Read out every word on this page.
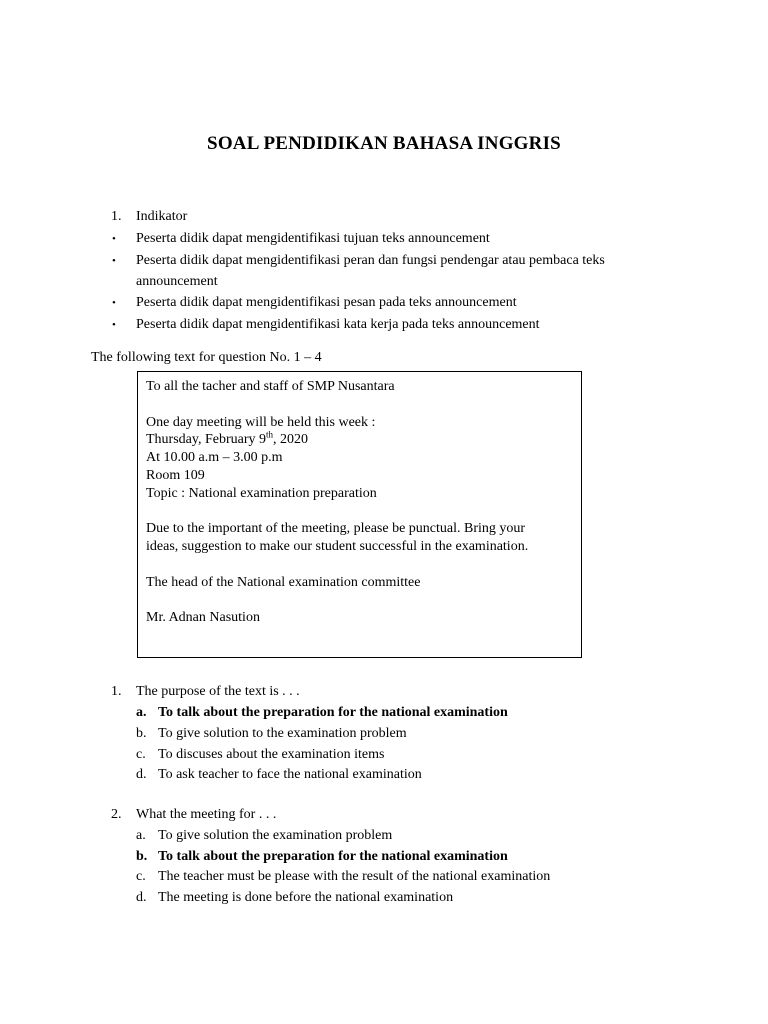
SOAL PENDIDIKAN BAHASA INGGRIS
1. Indikator
• Peserta didik dapat mengidentifikasi tujuan teks announcement
• Peserta didik dapat mengidentifikasi peran dan fungsi pendengar atau pembaca teks
announcement
• Peserta didik dapat mengidentifikasi pesan pada teks announcement
• Peserta didik dapat mengidentifikasi kata kerja pada teks announcement
The following text for question No. 1 – 4
To all the tacher and staff of SMP Nusantara
One day meeting will be held this week :
Thursday, February 9th, 2020
At 10.00 a.m – 3.00 p.m
Room 109
Topic : National examination preparation
Due to the important of the meeting, please be punctual. Bring your
ideas, suggestion to make our student successful in the examination.
The head of the National examination committee
Mr. Adnan Nasution
1. The purpose of the text is . . .
a. To talk about the preparation for the national examination
b. To give solution to the examination problem
c. To discuses about the examination items
d. To ask teacher to face the national examination
2. What the meeting for . . .
a. To give solution the examination problem
b. To talk about the preparation for the national examination
c. The teacher must be please with the result of the national examination
d. The meeting is done before the national examination
